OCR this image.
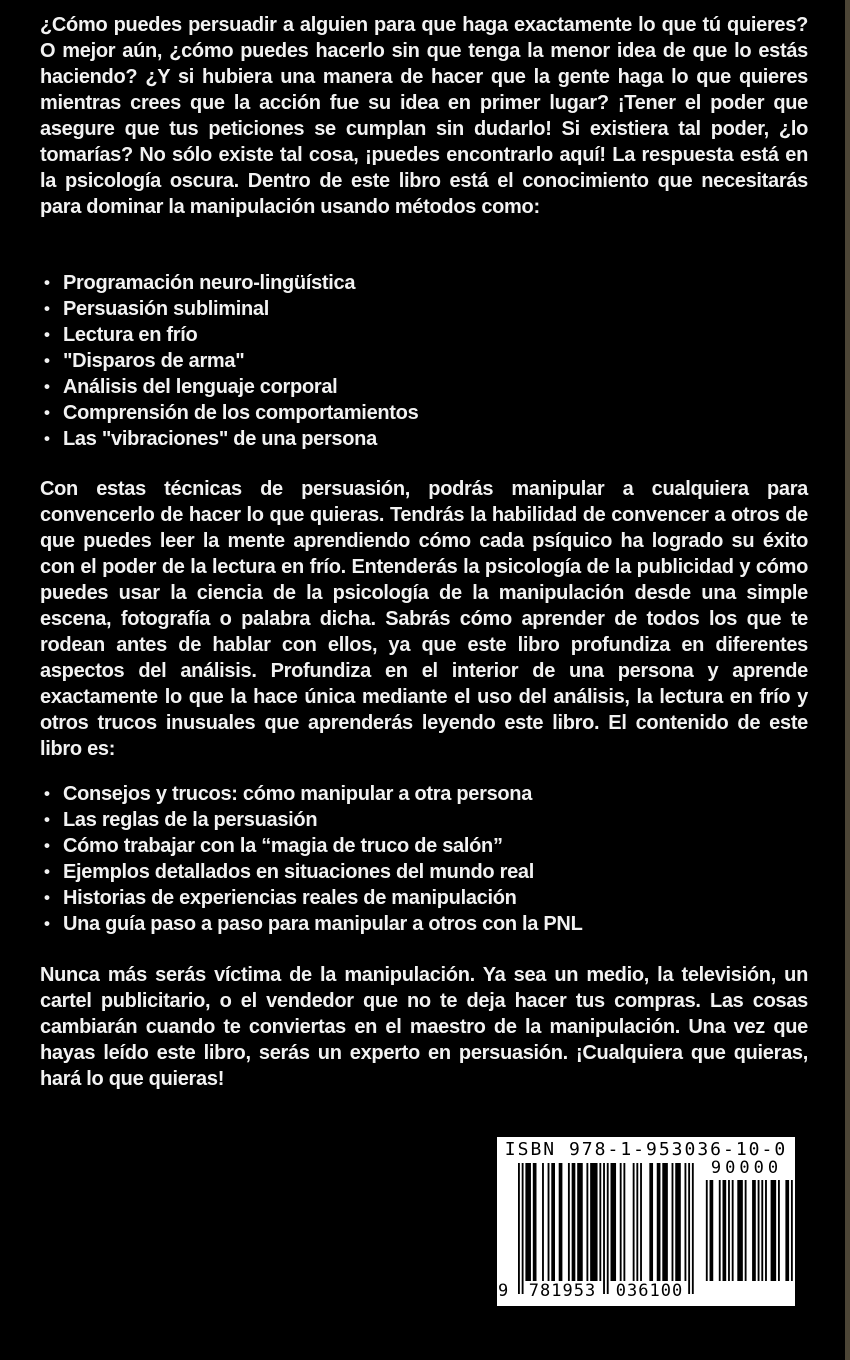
¿Cómo puedes persuadir a alguien para que haga exactamente lo que tú quieres? O mejor aún, ¿cómo puedes hacerlo sin que tenga la menor idea de que lo estás haciendo? ¿Y si hubiera una manera de hacer que la gente haga lo que quieres mientras crees que la acción fue su idea en primer lugar? ¡Tener el poder que asegure que tus peticiones se cumplan sin dudarlo! Si existiera tal poder, ¿lo tomarías? No sólo existe tal cosa, ¡puedes encontrarlo aquí! La respuesta está en la psicología oscura. Dentro de este libro está el conocimiento que necesitarás para dominar la manipulación usando métodos como:

• Programación neuro-lingüística
• Persuasión subliminal
• Lectura en frío
• "Disparos de arma"
• Análisis del lenguaje corporal
• Comprensión de los comportamientos
• Las "vibraciones" de una persona

Con estas técnicas de persuasión, podrás manipular a cualquiera para convencerlo de hacer lo que quieras. Tendrás la habilidad de convencer a otros de que puedes leer la mente aprendiendo cómo cada psíquico ha logrado su éxito con el poder de la lectura en frío. Entenderás la psicología de la publicidad y cómo puedes usar la ciencia de la psicología de la manipulación desde una simple escena, fotografía o palabra dicha. Sabrás cómo aprender de todos los que te rodean antes de hablar con ellos, ya que este libro profundiza en diferentes aspectos del análisis. Profundiza en el interior de una persona y aprende exactamente lo que la hace única mediante el uso del análisis, la lectura en frío y otros trucos inusuales que aprenderás leyendo este libro. El contenido de este libro es:

• Consejos y trucos: cómo manipular a otra persona
• Las reglas de la persuasión
• Cómo trabajar con la “magia de truco de salón”
• Ejemplos detallados en situaciones del mundo real
• Historias de experiencias reales de manipulación
• Una guía paso a paso para manipular a otros con la PNL

Nunca más serás víctima de la manipulación. Ya sea un medio, la televisión, un cartel publicitario, o el vendedor que no te deja hacer tus compras. Las cosas cambiarán cuando te conviertas en el maestro de la manipulación. Una vez que hayas leído este libro, serás un experto en persuasión. ¡Cualquiera que quieras, hará lo que quieras!

ISBN 978-1-953036-10-0
90000
9	781953 036100
